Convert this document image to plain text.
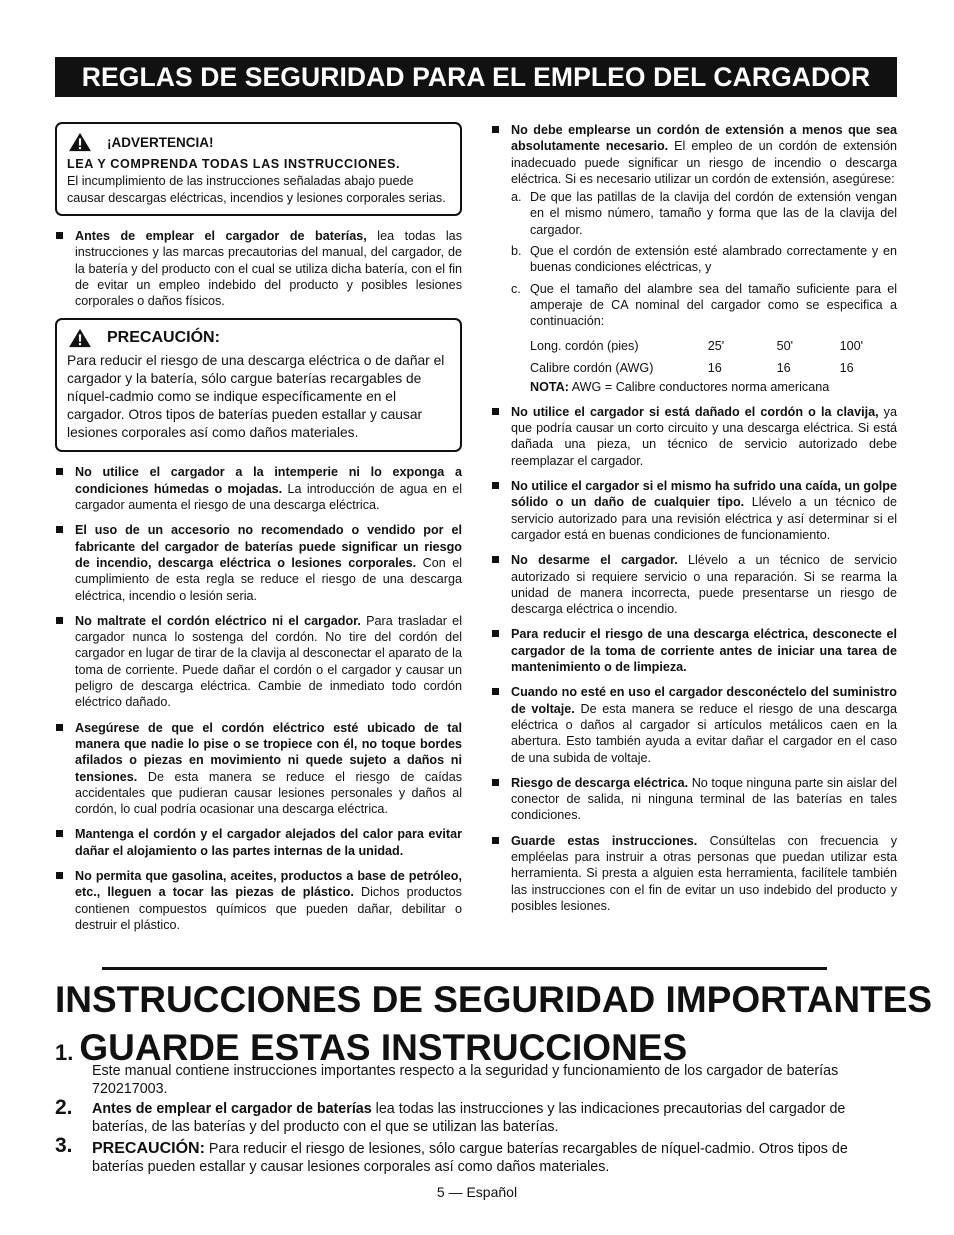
REGLAS DE SEGURIDAD PARA EL EMPLEO DEL CARGADOR
¡ADVERTENCIA!
LEA Y COMPRENDA TODAS LAS INSTRUCCIONES.
El incumplimiento de las instrucciones señaladas abajo puede causar descargas eléctricas, incendios y lesiones corporales serias.
Antes de emplear el cargador de baterías, lea todas las instrucciones y las marcas precautorias del manual, del cargador, de la batería y del producto con el cual se utiliza dicha batería, con el fin de evitar un empleo indebido del producto y posibles lesiones corporales o daños físicos.
PRECAUCIÓN:
Para reducir el riesgo de una descarga eléctrica o de dañar el cargador y la batería, sólo cargue baterías recargables de níquel-cadmio como se indique específicamente en el cargador. Otros tipos de baterías pueden estallar y causar lesiones corporales así como daños materiales.
No utilice el cargador a la intemperie ni lo exponga a condiciones húmedas o mojadas. La introducción de agua en el cargador aumenta el riesgo de una descarga eléctrica.
El uso de un accesorio no recomendado o vendido por el fabricante del cargador de baterías puede significar un riesgo de incendio, descarga eléctrica o lesiones corporales. Con el cumplimiento de esta regla se reduce el riesgo de una descarga eléctrica, incendio o lesión seria.
No maltrate el cordón eléctrico ni el cargador. Para trasladar el cargador nunca lo sostenga del cordón. No tire del cordón del cargador en lugar de tirar de la clavija al desconectar el aparato de la toma de corriente. Puede dañar el cordón o el cargador y causar un peligro de descarga eléctrica. Cambie de inmediato todo cordón eléctrico dañado.
Asegúrese de que el cordón eléctrico esté ubicado de tal manera que nadie lo pise o se tropiece con él, no toque bordes afilados o piezas en movimiento ni quede sujeto a daños ni tensiones. De esta manera se reduce el riesgo de caídas accidentales que pudieran causar lesiones personales y daños al cordón, lo cual podría ocasionar una descarga eléctrica.
Mantenga el cordón y el cargador alejados del calor para evitar dañar el alojamiento o las partes internas de la unidad.
No permita que gasolina, aceites, productos a base de petróleo, etc., lleguen a tocar las piezas de plástico. Dichos productos contienen compuestos químicos que pueden dañar, debilitar o destruir el plástico.
No debe emplearse un cordón de extensión a menos que sea absolutamente necesario. El empleo de un cordón de extensión inadecuado puede significar un riesgo de incendio o descarga eléctrica. Si es necesario utilizar un cordón de extensión, asegúrese:
a. De que las patillas de la clavija del cordón de extensión vengan en el mismo número, tamaño y forma que las de la clavija del cargador.
b. Que el cordón de extensión esté alambrado correctamente y en buenas condiciones eléctricas, y
c. Que el tamaño del alambre sea del tamaño suficiente para el amperaje de CA nominal del cargador como se especifica a continuación:
Long. cordón (pies)	25'	50'	100'
Calibre cordón (AWG)	16	16	16
NOTA: AWG = Calibre conductores norma americana
No utilice el cargador si está dañado el cordón o la clavija, ya que podría causar un corto circuito y una descarga eléctrica. Si está dañada una pieza, un técnico de servicio autorizado debe reemplazar el cargador.
No utilice el cargador si el mismo ha sufrido una caída, un golpe sólido o un daño de cualquier tipo. Llévelo a un técnico de servicio autorizado para una revisión eléctrica y así determinar si el cargador está en buenas condiciones de funcionamiento.
No desarme el cargador. Llévelo a un técnico de servicio autorizado si requiere servicio o una reparación. Si se rearma la unidad de manera incorrecta, puede presentarse un riesgo de descarga eléctrica o incendio.
Para reducir el riesgo de una descarga eléctrica, desconecte el cargador de la toma de corriente antes de iniciar una tarea de mantenimiento o de limpieza.
Cuando no esté en uso el cargador desconéctelo del suministro de voltaje. De esta manera se reduce el riesgo de una descarga eléctrica o daños al cargador si artículos metálicos caen en la abertura. Esto también ayuda a evitar dañar el cargador en el caso de una subida de voltaje.
Riesgo de descarga eléctrica. No toque ninguna parte sin aislar del conector de salida, ni ninguna terminal de las baterías en tales condiciones.
Guarde estas instrucciones. Consúltelas con frecuencia y empléelas para instruir a otras personas que puedan utilizar esta herramienta. Si presta a alguien esta herramienta, facilítele también las instrucciones con el fin de evitar un uso indebido del producto y posibles lesiones.
INSTRUCCIONES DE SEGURIDAD IMPORTANTES
1. GUARDE ESTAS INSTRUCCIONES
Este manual contiene instrucciones importantes respecto a la seguridad y funcionamiento de los cargador de baterías 720217003.
2. Antes de emplear el cargador de baterías lea todas las instrucciones y las indicaciones precautorias del cargador de baterías, de las baterías y del producto con el que se utilizan las baterías.
3. PRECAUCIÓN: Para reducir el riesgo de lesiones, sólo cargue baterías recargables de níquel-cadmio. Otros tipos de baterías pueden estallar y causar lesiones corporales así como daños materiales.
5 — Español
